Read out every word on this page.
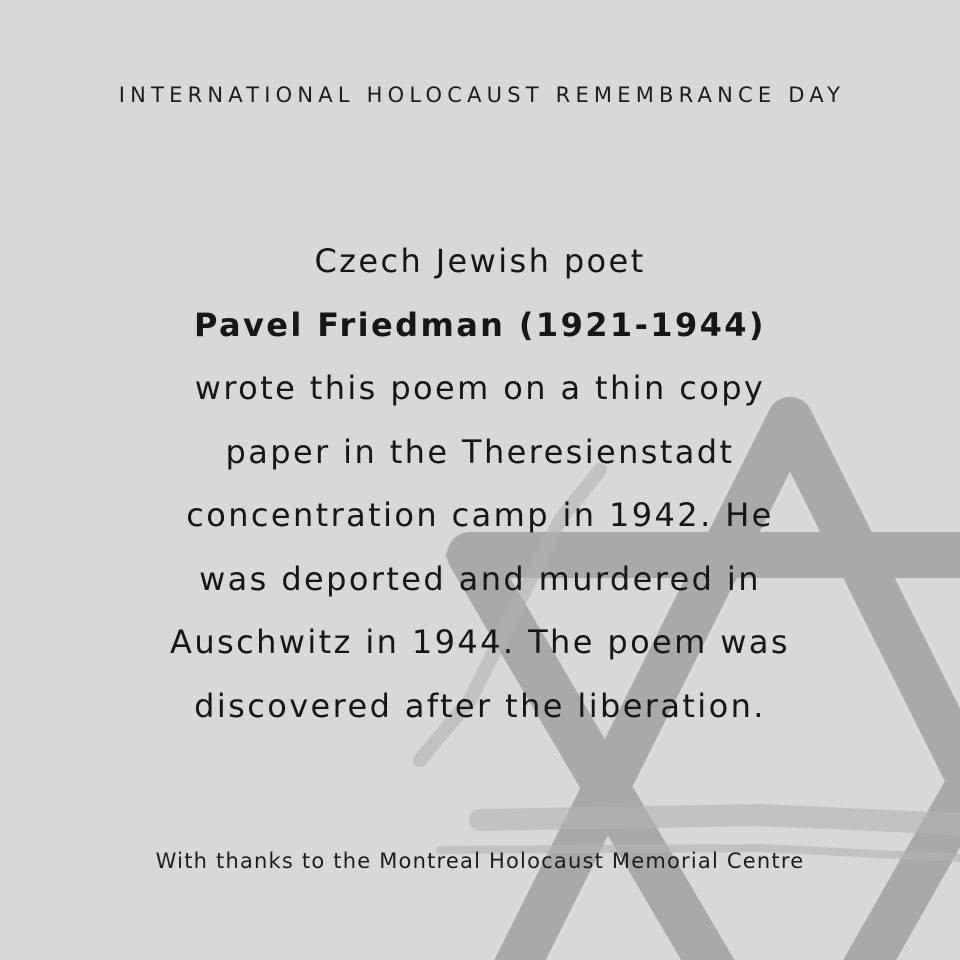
INTERNATIONAL HOLOCAUST REMEMBRANCE DAY
Czech Jewish poet
Pavel Friedman (1921-1944)
wrote this poem on a thin copy
paper in the Theresienstadt
concentration camp in 1942. He
was deported and murdered in
Auschwitz in 1944. The poem was
discovered after the liberation.
With thanks to the Montreal Holocaust Memorial Centre
